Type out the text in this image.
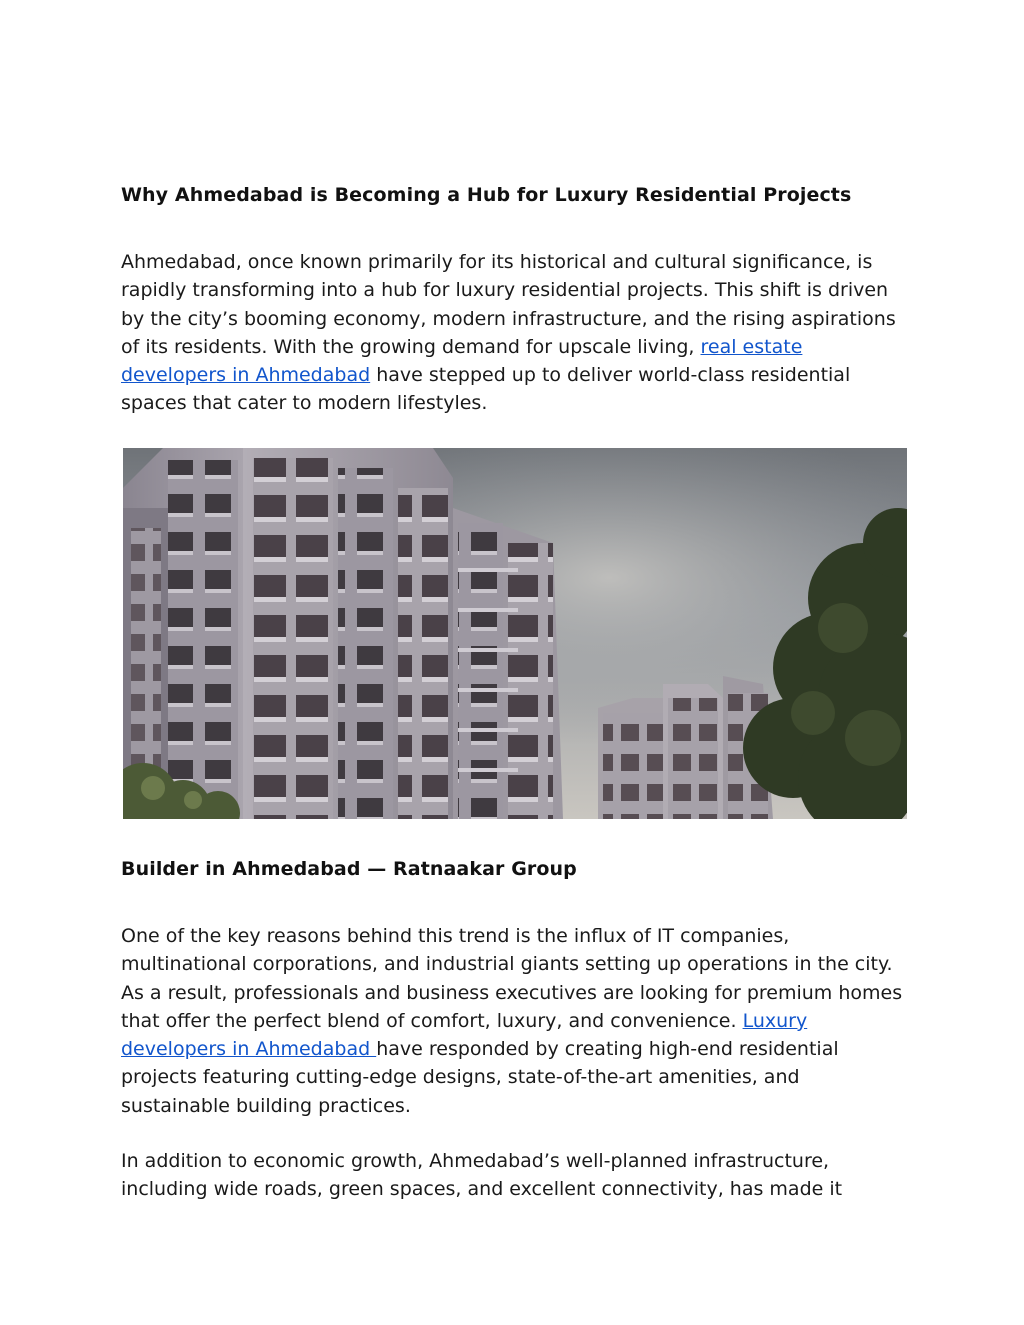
Why Ahmedabad is Becoming a Hub for Luxury Residential Projects

Ahmedabad, once known primarily for its historical and cultural significance, is rapidly transforming into a hub for luxury residential projects. This shift is driven by the city’s booming economy, modern infrastructure, and the rising aspirations of its residents. With the growing demand for upscale living, real estate developers in Ahmedabad have stepped up to deliver world-class residential spaces that cater to modern lifestyles.

Builder in Ahmedabad — Ratnaakar Group

One of the key reasons behind this trend is the influx of IT companies, multinational corporations, and industrial giants setting up operations in the city. As a result, professionals and business executives are looking for premium homes that offer the perfect blend of comfort, luxury, and convenience. Luxury developers in Ahmedabad have responded by creating high-end residential projects featuring cutting-edge designs, state-of-the-art amenities, and sustainable building practices.

In addition to economic growth, Ahmedabad’s well-planned infrastructure, including wide roads, green spaces, and excellent connectivity, has made it
